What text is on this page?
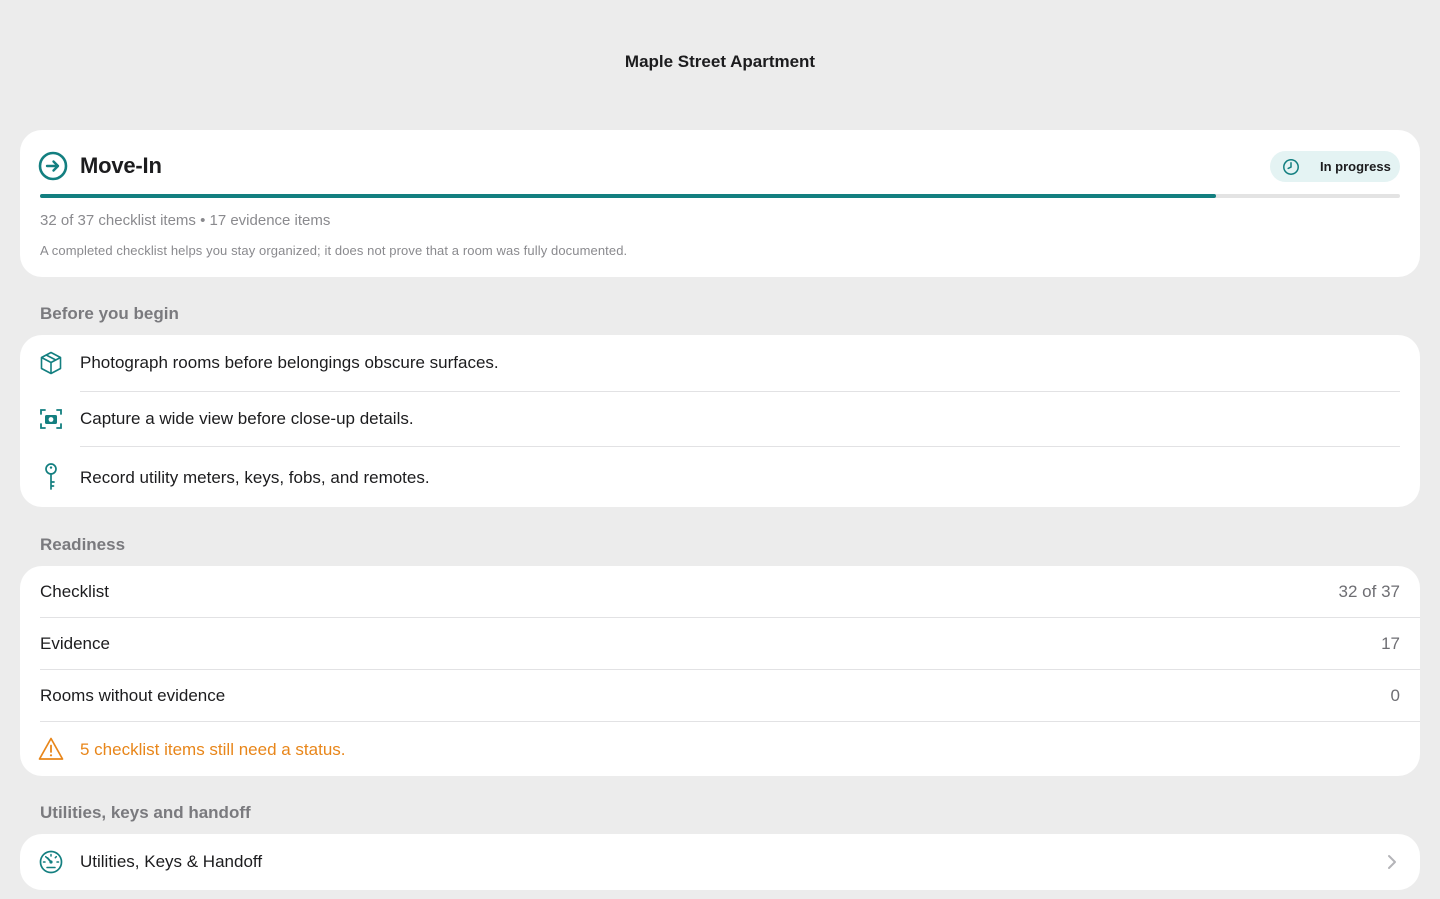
Maple Street Apartment
Move-In	In progress
32 of 37 checklist items • 17 evidence items
A completed checklist helps you stay organized; it does not prove that a room was fully documented.
Before you begin
Photograph rooms before belongings obscure surfaces.
Capture a wide view before close-up details.
Record utility meters, keys, fobs, and remotes.
Readiness
Checklist	32 of 37
Evidence	17
Rooms without evidence	0
5 checklist items still need a status.
Utilities, keys and handoff
Utilities, Keys & Handoff
